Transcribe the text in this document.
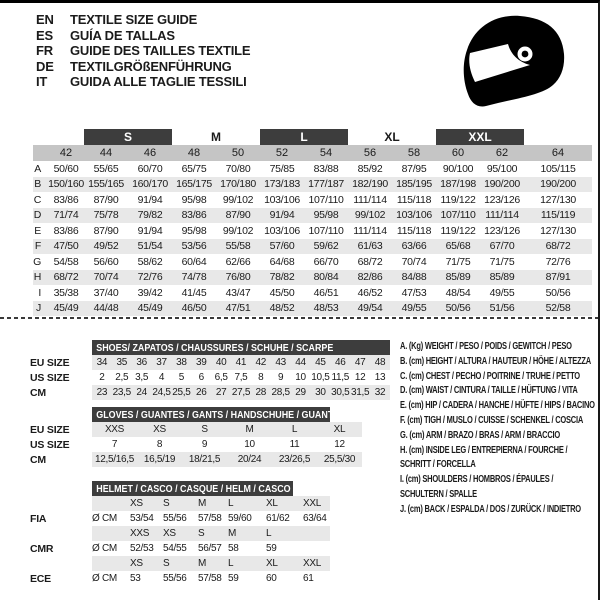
EN	TEXTILE SIZE GUIDE
ES	GUÍA DE TALLAS
FR	GUIDE DES TAILLES TEXTILE
DE	TEXTILGRÖßENFÜHRUNG
IT	GUIDA ALLE TAGLIE TESSILI
S	M	L	XL	XXL
42	44	46	48	50	52	54	56	58	60	62	64
A	50/60	55/65	60/70	65/75	70/80	75/85	83/88	85/92	87/95	90/100	95/100	105/115
B 150/160 155/165 160/170 165/175 170/180 173/183 177/187 182/190 185/195 187/198 190/200	190/200
C	83/86	87/90	91/94	95/98	99/102	103/106 107/110 111/114 115/118 119/122 123/126	127/130
D	71/74	75/78	79/82	83/86	87/90	91/94	95/98	99/102	103/106 107/110 111/114	115/119
E	83/86	87/90	91/94	95/98	99/102	103/106 107/110 111/114 115/118 119/122 123/126	127/130
F	47/50	49/52	51/54	53/56	55/58	57/60	59/62	61/63	63/66	65/68	67/70	68/72
G	54/58	56/60	58/62	60/64	62/66	64/68	66/70	68/72	70/74	71/75	71/75	72/76
H	68/72	70/74	72/76	74/78	76/80	78/82	80/84	82/86	84/88	85/89	85/89	87/91
I	35/38	37/40	39/42	41/45	43/47	45/50	46/51	46/52	47/53	48/54	49/55	50/56
J	45/49	44/48	45/49	46/50	47/51	48/52	48/53	49/54	49/55	50/56	51/56	52/58
SHOES/ ZAPATOS / CHAUSSURES / SCHUHE / SCARPE
EU SIZE	34 35 36 37 38 39 40 41 42 43 44 45 46 47 48
US SIZE	2	2,5 3,5	4	5	6	6,5 7,5	8	9	10 10,5 11,5 12 13
CM	23 23,5 24 24,5 25,5 26 27 27,5 28 28,5 29 30 30,5 31,5 32
GLOVES / GUANTES / GANTS / HANDSCHUHE / GUANTI
EU SIZE	XXS	XS	S	M	L	XL
US SIZE	7	8	9	10	11	12
CM	12,5/16,5 16,5/19	18/21,5	20/24	23/26,5	25,5/30
HELMET / CASCO / CASQUE / HELM / CASCO
XS	S	M	L	XL	XXL
FIA	Ø CM	53/54 55/56	57/58 59/60	61/62	63/64
XXS	XS	S	M	L
CMR	Ø CM	52/53 54/55	56/57 58	59
XS	S	M	L	XL	XXL
ECE	Ø CM	53	55/56	57/58 59	60	61
A. (Kg) WEIGHT / PESO / POIDS / GEWITCH / PESO
B. (cm) HEIGHT / ALTURA / HAUTEUR / HÖHE / ALTEZZA
C. (cm) CHEST / PECHO / POITRINE / TRUHE / PETTO
D. (cm) WAIST / CINTURA / TAILLE / HÜFTUNG / VITA
E. (cm) HIP / CADERA / HANCHE / HÜFTE / HIPS / BACINO
F. (cm) TIGH / MUSLO / CUISSE / SCHENKEL / COSCIA
G. (cm) ARM / BRAZO / BRAS / ARM / BRACCIO
H. (cm) INSIDE LEG / ENTREPIERNA / FOURCHE /
SCHRITT / FORCELLA
I. (cm) SHOULDERS / HOMBROS / ÉPAULES /
SCHULTERN / SPALLE
J. (cm) BACK / ESPALDA / DOS / ZURÜCK / INDIETRO
